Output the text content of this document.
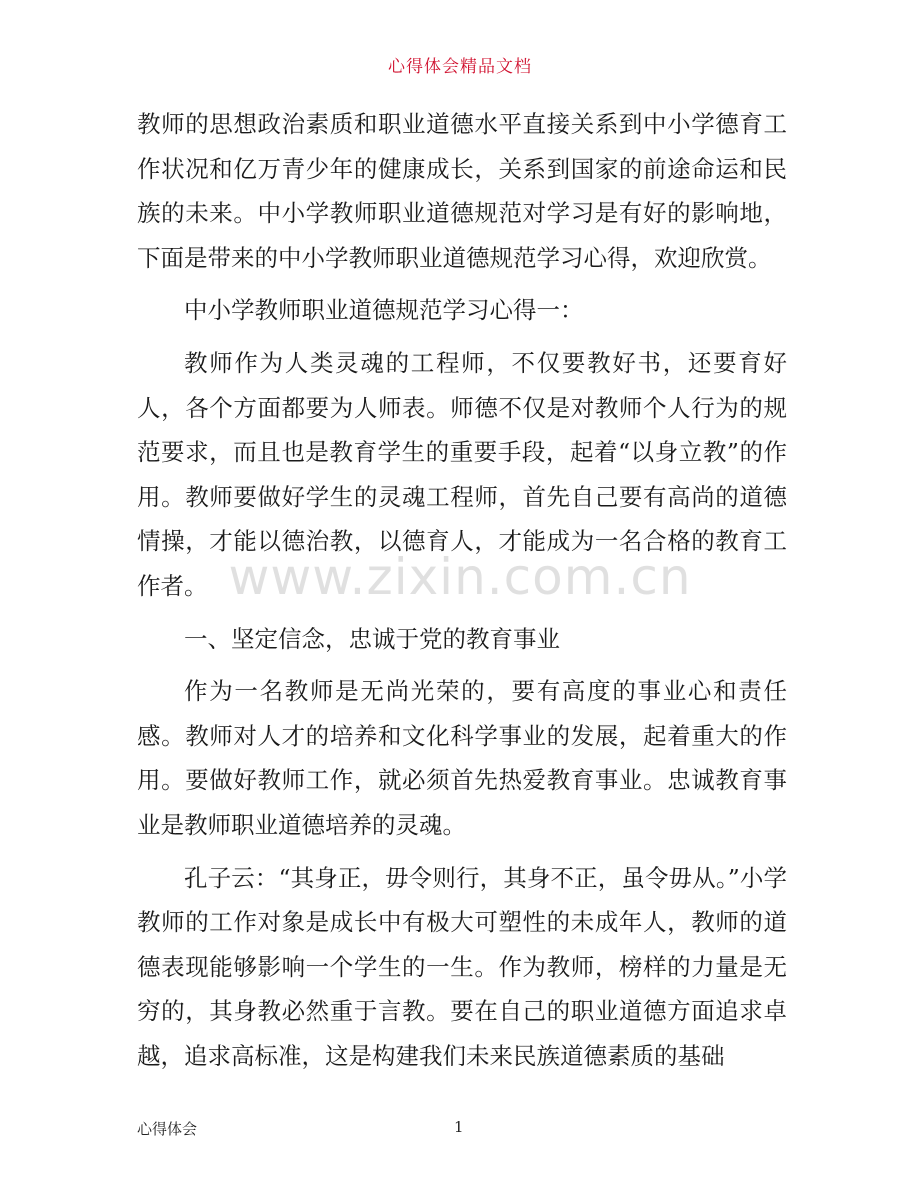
心得体会精品文档

教师的思想政治素质和职业道德水平直接关系到中小学德育工作状况和亿万青少年的健康成长，关系到国家的前途命运和民族的未来。中小学教师职业道德规范对学习是有好的影响地，下面是带来的中小学教师职业道德规范学习心得，欢迎欣赏。

中小学教师职业道德规范学习心得一：

教师作为人类灵魂的工程师，不仅要教好书，还要育好人，各个方面都要为人师表。师德不仅是对教师个人行为的规范要求，而且也是教育学生的重要手段，起着“以身立教”的作用。教师要做好学生的灵魂工程师，首先自己要有高尚的道德情操，才能以德治教，以德育人，才能成为一名合格的教育工作者。

一、坚定信念，忠诚于党的教育事业

作为一名教师是无尚光荣的，要有高度的事业心和责任感。教师对人才的培养和文化科学事业的发展，起着重大的作用。要做好教师工作，就必须首先热爱教育事业。忠诚教育事业是教师职业道德培养的灵魂。

孔子云：“其身正，毋令则行，其身不正，虽令毋从。”小学教师的工作对象是成长中有极大可塑性的未成年人，教师的道德表现能够影响一个学生的一生。作为教师，榜样的力量是无穷的，其身教必然重于言教。要在自己的职业道德方面追求卓越，追求高标准，这是构建我们未来民族道德素质的基础

www.zixin.com.cn
心得体会	1
